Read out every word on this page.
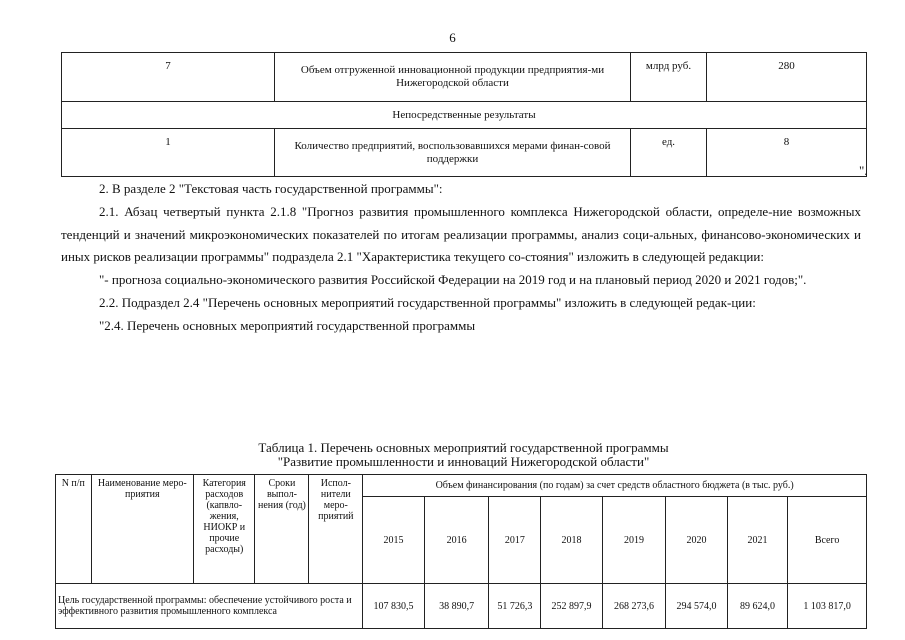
6
7	Объем отгруженной инновационной продукции предприятия-ми Нижегородской области	млрд руб.	280
Непосредственные результаты			
1	Количество предприятий, воспользовавшихся мерами финан-совой поддержки	ед.	8
".

2. В разделе 2 "Текстовая часть государственной программы":

2.1. Абзац четвертый пункта 2.1.8 "Прогноз развития промышленного комплекса Нижегородской области, определе-ние возможных тенденций и значений микроэкономических показателей по итогам реализации программы, анализ соци-альных, финансово-экономических и иных рисков реализации программы" подраздела 2.1 "Характеристика текущего со-стояния" изложить в следующей редакции:

"- прогноза социально-экономического развития Российской Федерации на 2019 год и на плановый период 2020 и 2021 годов;".

2.2. Подраздел 2.4 "Перечень основных мероприятий государственной программы" изложить в следующей редак-ции:

"2.4. Перечень основных мероприятий государственной программы

Таблица 1. Перечень основных мероприятий государственной программы
"Развитие промышленности и инноваций Нижегородской области"
N п/п	Наименование меро-приятия	Категория расходов (капвло-жения, НИОКР и прочие расходы)	Сроки выпол-нения (год)	Испол-нители меро-приятий	Объем финансирования (по годам) за счет средств областного бюджета (в тыс. руб.)							
					2015	2016	2017	2018	2019	2020	2021	Всего
Цель государственной программы: обеспечение устойчивого роста и эффективного развития промышленного комплекса					107 830,5	38 890,7	51 726,3	252 897,9	268 273,6	294 574,0	89 624,0	1 103 817,0
